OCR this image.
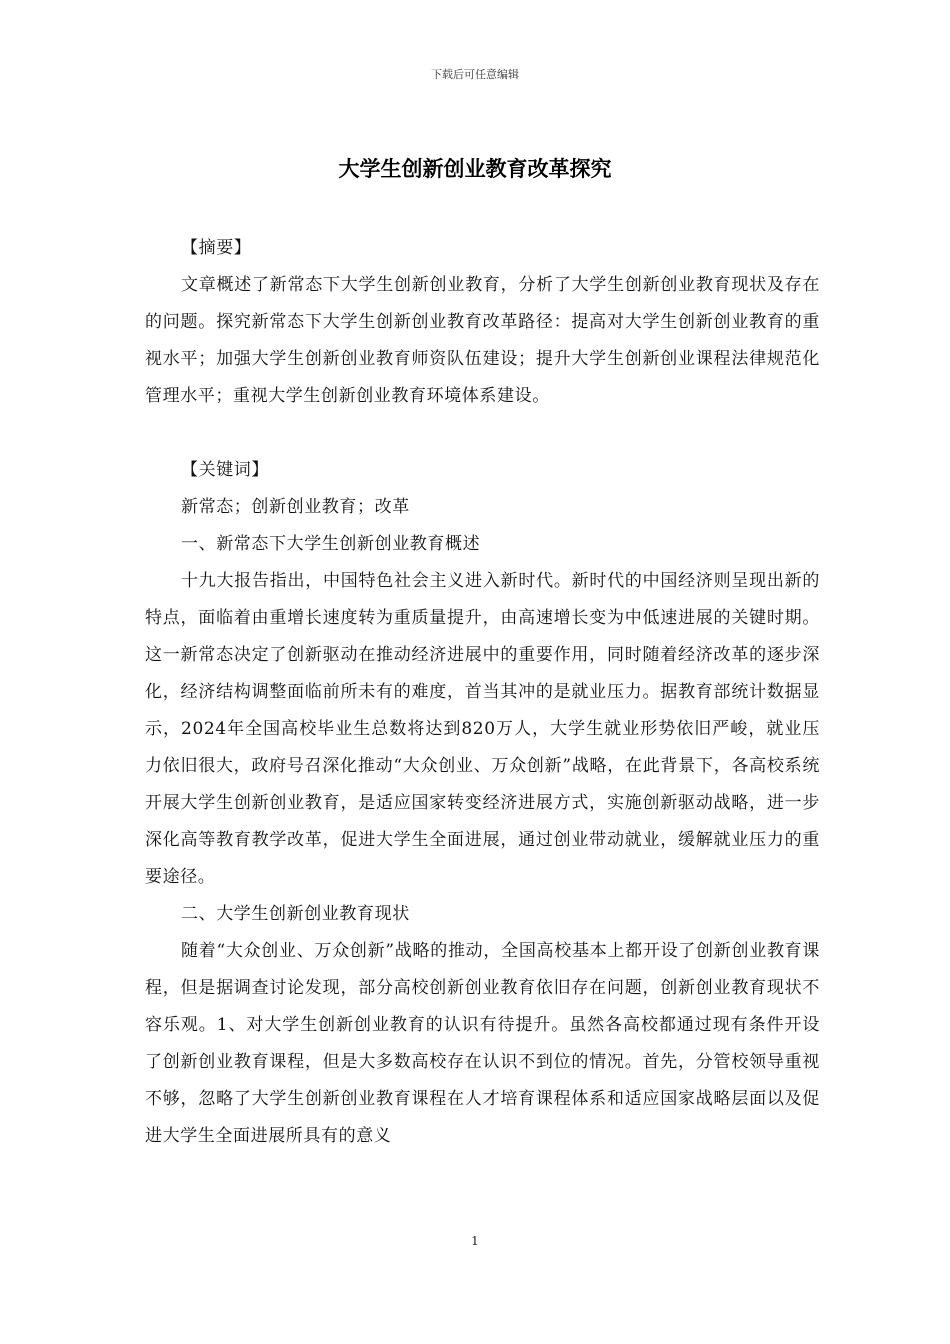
下载后可任意编辑
大学生创新创业教育改革探究

【摘要】

文章概述了新常态下大学生创新创业教育，分析了大学生创新创业教育现状及存在的问题。探究新常态下大学生创新创业教育改革路径：提高对大学生创新创业教育的重视水平；加强大学生创新创业教育师资队伍建设；提升大学生创新创业课程法律规范化管理水平；重视大学生创新创业教育环境体系建设。

【关键词】

新常态；创新创业教育；改革

一、新常态下大学生创新创业教育概述

十九大报告指出，中国特色社会主义进入新时代。新时代的中国经济则呈现出新的特点，面临着由重增长速度转为重质量提升，由高速增长变为中低速进展的关键时期。这一新常态决定了创新驱动在推动经济进展中的重要作用，同时随着经济改革的逐步深化，经济结构调整面临前所未有的难度，首当其冲的是就业压力。据教育部统计数据显示，2024年全国高校毕业生总数将达到820万人，大学生就业形势依旧严峻，就业压力依旧很大，政府号召深化推动“大众创业、万众创新”战略，在此背景下，各高校系统开展大学生创新创业教育，是适应国家转变经济进展方式，实施创新驱动战略，进一步深化高等教育教学改革，促进大学生全面进展，通过创业带动就业，缓解就业压力的重要途径。

二、大学生创新创业教育现状

随着“大众创业、万众创新”战略的推动，全国高校基本上都开设了创新创业教育课程，但是据调查讨论发现，部分高校创新创业教育依旧存在问题，创新创业教育现状不容乐观。1、对大学生创新创业教育的认识有待提升。虽然各高校都通过现有条件开设了创新创业教育课程，但是大多数高校存在认识不到位的情况。首先，分管校领导重视不够，忽略了大学生创新创业教育课程在人才培育课程体系和适应国家战略层面以及促进大学生全面进展所具有的意义

1
